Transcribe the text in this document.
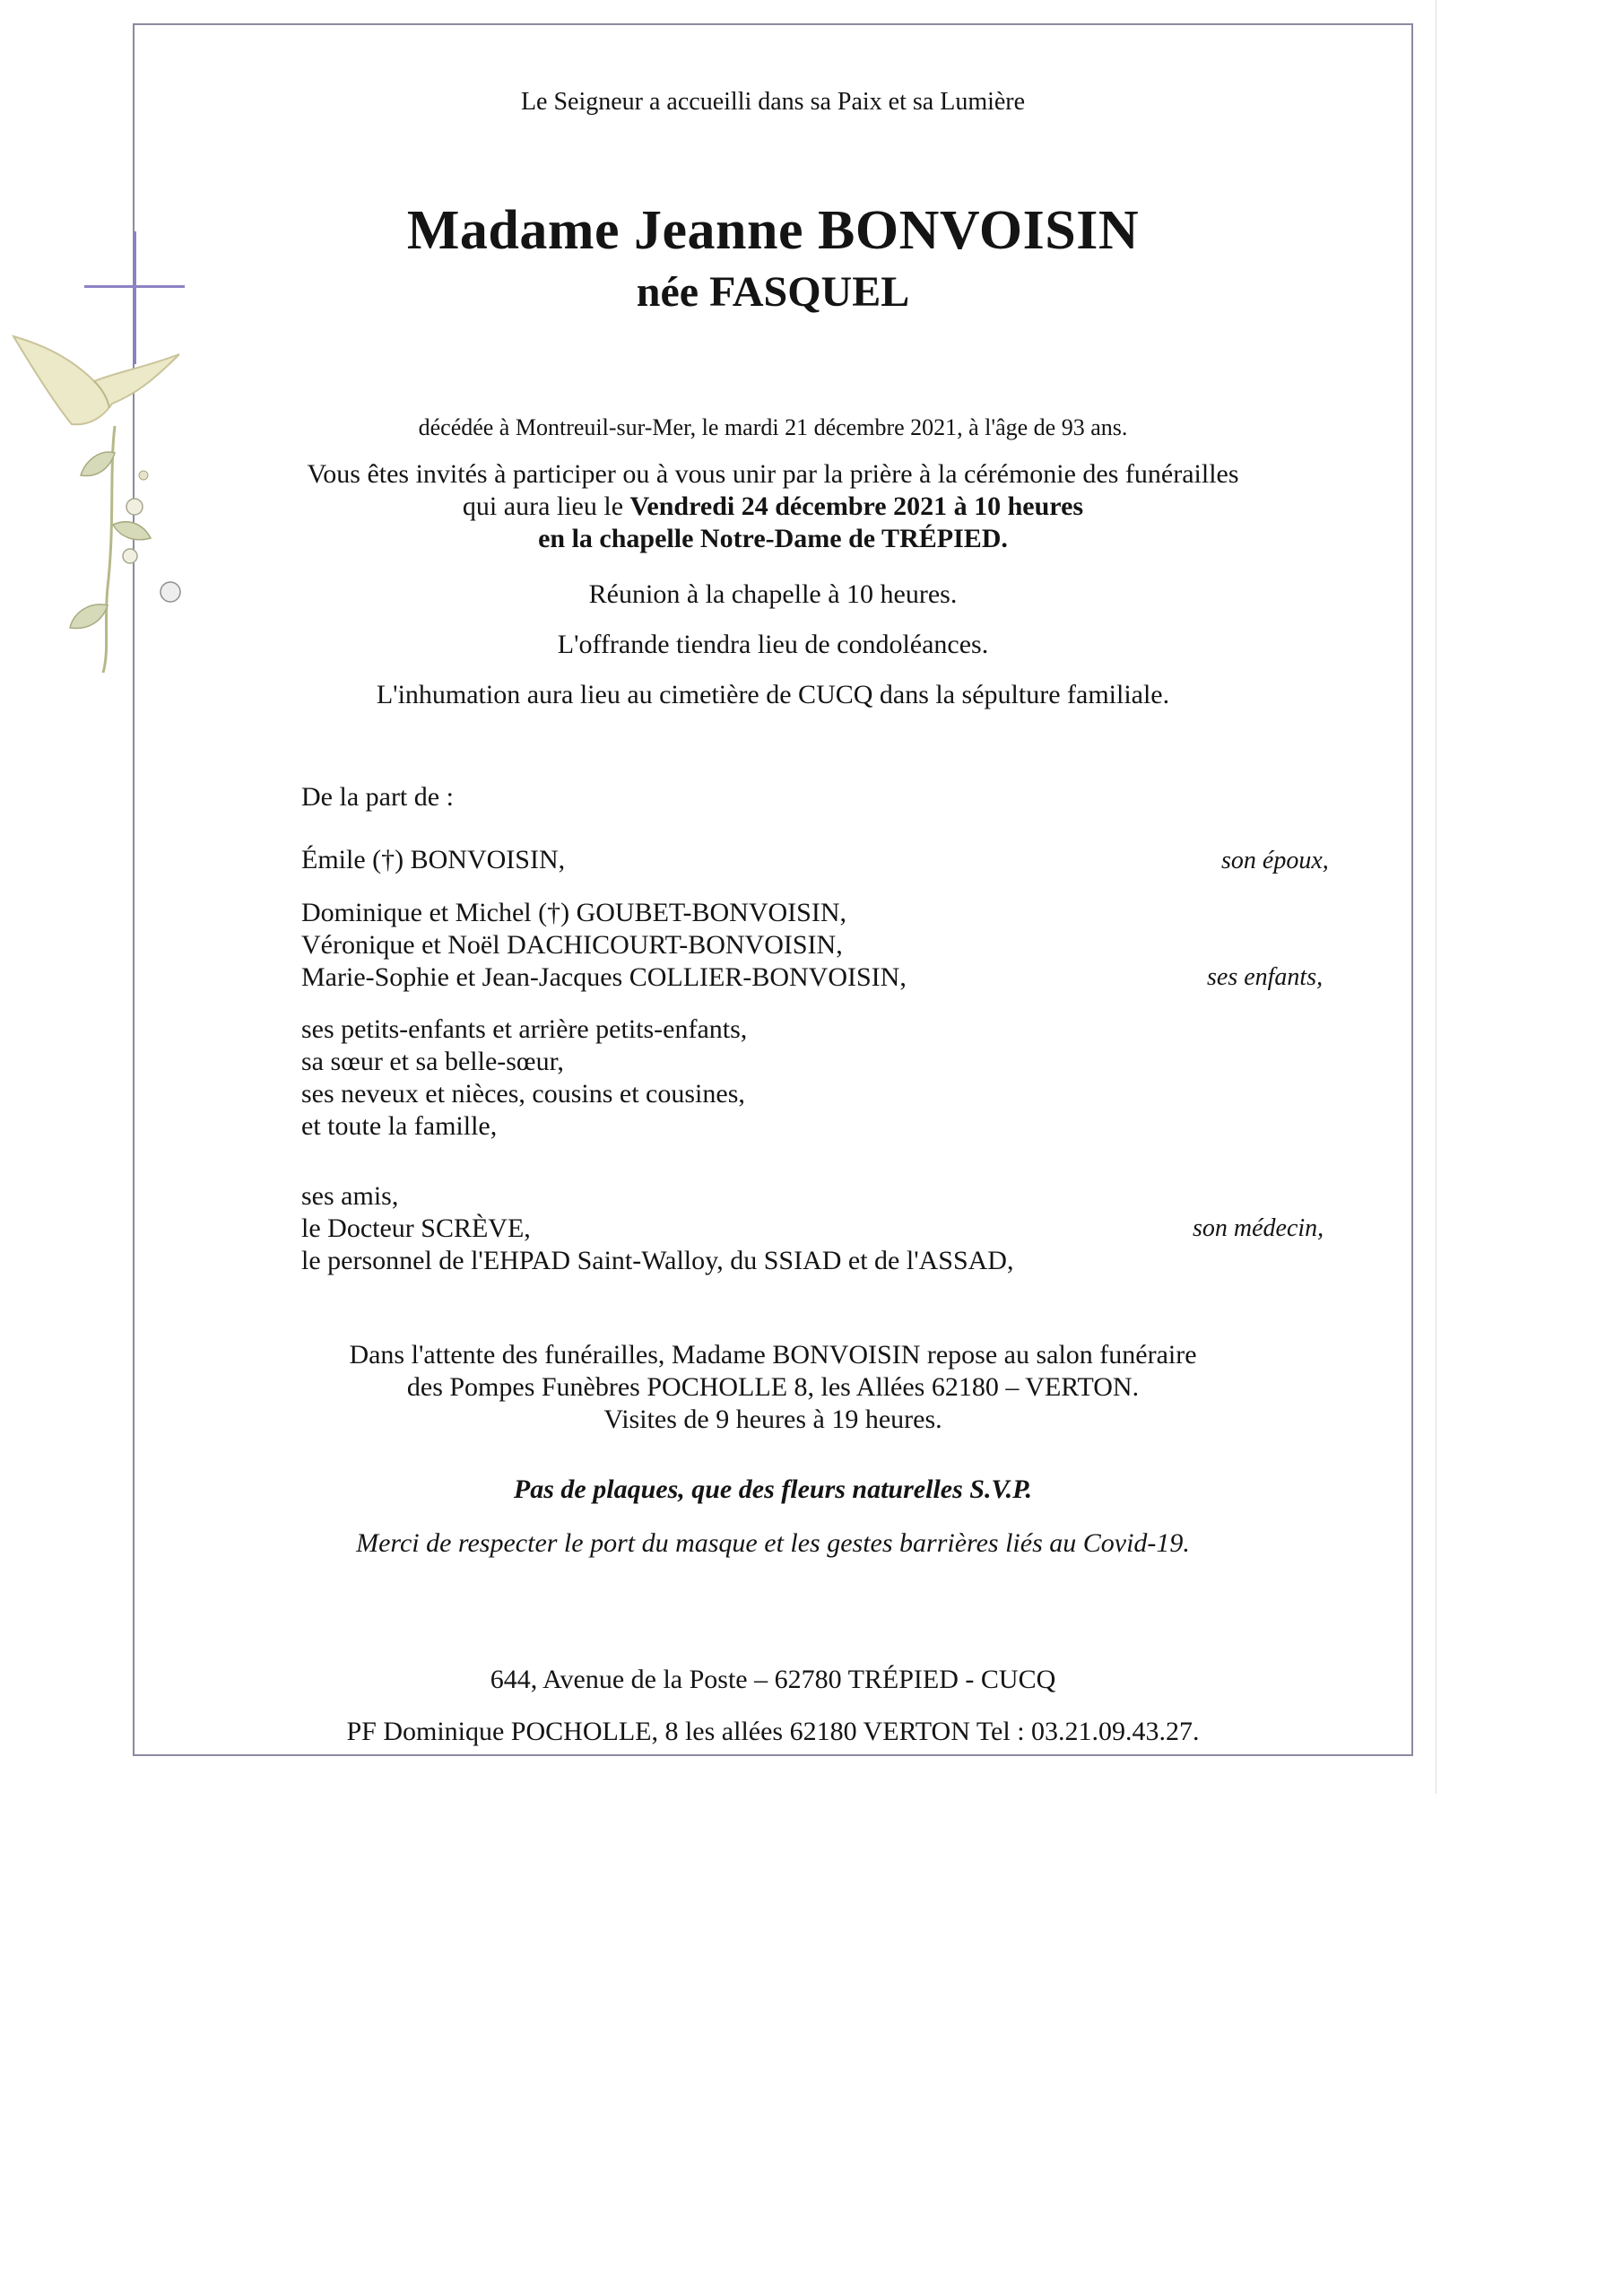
Le Seigneur a accueilli dans sa Paix et sa Lumière
Madame Jeanne BONVOISIN
née FASQUEL
décédée à Montreuil-sur-Mer, le mardi 21 décembre 2021, à l'âge de 93 ans.
Vous êtes invités à participer ou à vous unir par la prière à la cérémonie des funérailles
qui aura lieu le Vendredi 24 décembre 2021 à 10 heures
en la chapelle Notre-Dame de TRÉPIED.
Réunion à la chapelle à 10 heures.
L'offrande tiendra lieu de condoléances.
L'inhumation aura lieu au cimetière de CUCQ dans la sépulture familiale.
De la part de :
Émile (†) BONVOISIN,	son époux,
Dominique et Michel (†) GOUBET-BONVOISIN,
Véronique et Noël DACHICOURT-BONVOISIN,
Marie-Sophie et Jean-Jacques COLLIER-BONVOISIN,	ses enfants,
ses petits-enfants et arrière petits-enfants,
sa sœur et sa belle-sœur,
ses neveux et nièces, cousins et cousines,
et toute la famille,
ses amis,
le Docteur SCRÈVE,
le personnel de l'EHPAD Saint-Walloy, du SSIAD et de l'ASSAD,
son médecin,
Dans l'attente des funérailles, Madame BONVOISIN repose au salon funéraire
des Pompes Funèbres POCHOLLE 8, les Allées 62180 – VERTON.
Visites de 9 heures à 19 heures.
Pas de plaques, que des fleurs naturelles S.V.P.
Merci de respecter le port du masque et les gestes barrières liés au Covid-19.
644, Avenue de la Poste – 62780 TRÉPIED - CUCQ
PF Dominique POCHOLLE, 8 les allées 62180 VERTON Tel : 03.21.09.43.27.
